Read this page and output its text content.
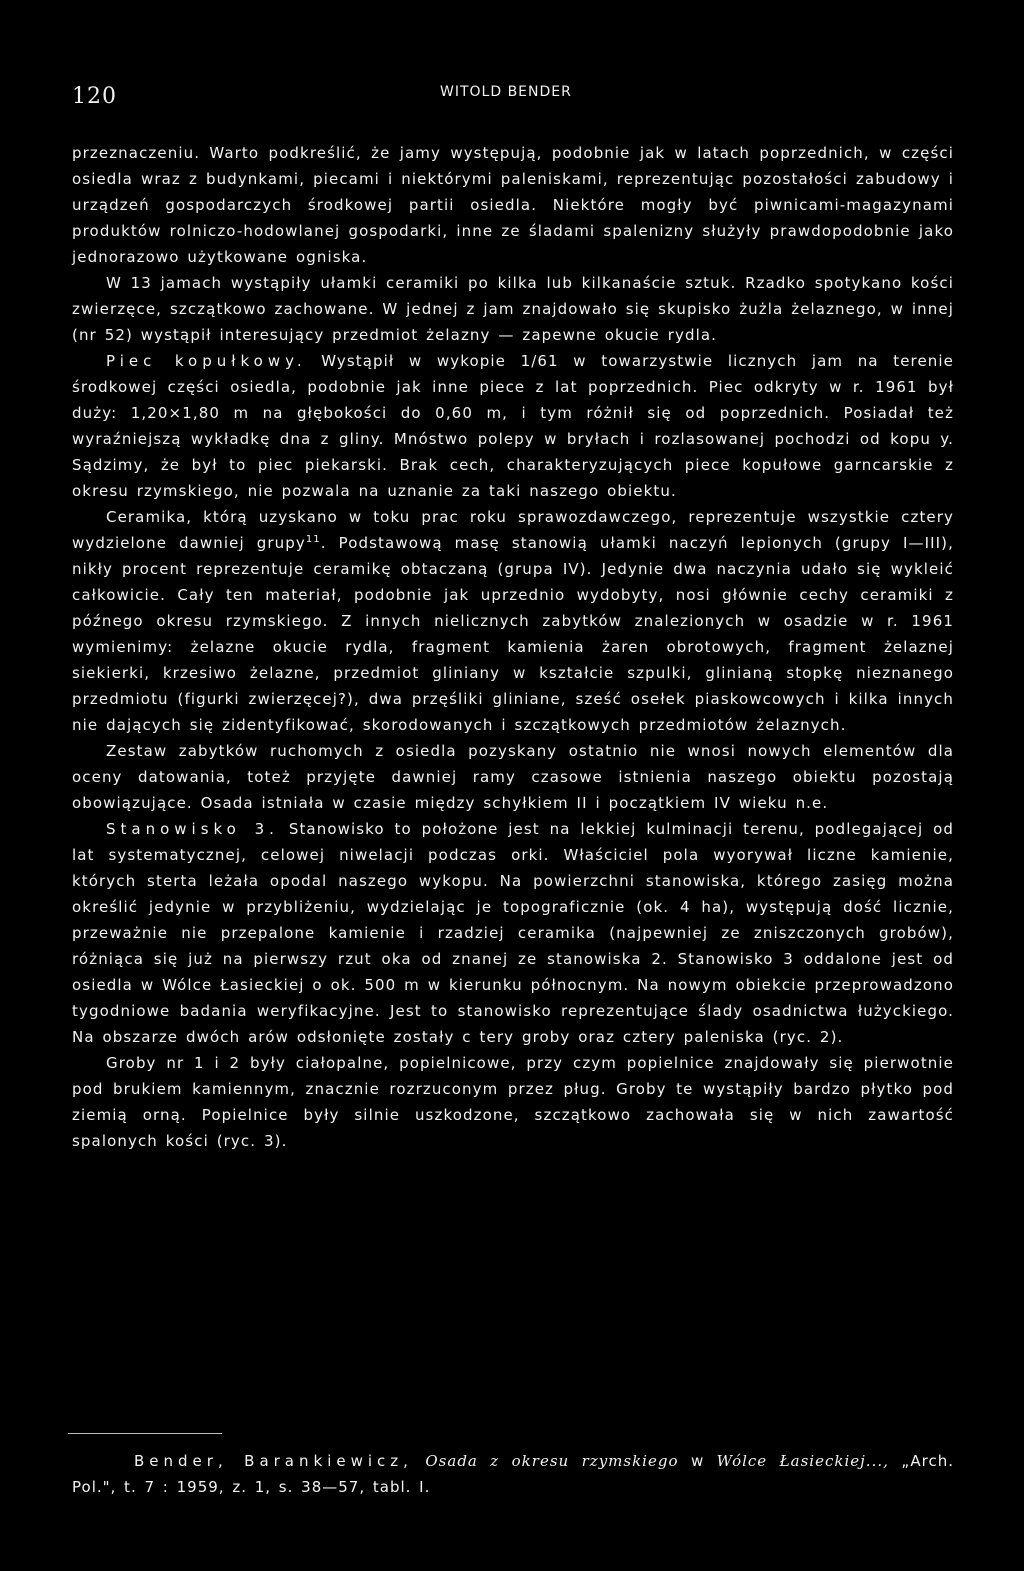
120	WITOLD BENDER

przeznaczeniu. Warto podkreślić, że jamy występują, podobnie jak w latach poprzednich, w części osiedla wraz z budynkami, piecami i niektórymi paleniskami, reprezentując pozostałości zabudowy i urządzeń gospodarczych środkowej partii osiedla. Niektóre mogły być piwnicami-magazynami produktów rolniczo-hodowlanej gospodarki, inne ze śladami spalenizny służyły prawdopodobnie jako jednorazowo użytkowane ogniska.

W 13 jamach wystąpiły ułamki ceramiki po kilka lub kilkanaście sztuk. Rzadko spotykano kości zwierzęce, szczątkowo zachowane. W jednej z jam znajdowało się skupisko żużla żelaznego, w innej (nr 52) wystąpił interesujący przedmiot żelazny — zapewne okucie rydla.

Piec kopułkowy. Wystąpił w wykopie 1/61 w towarzystwie licznych jam na terenie środkowej części osiedla, podobnie jak inne piece z lat poprzednich. Piec odkryty w r. 1961 był duży: 1,20×1,80 m na głębokości do 0,60 m, i tym różnił się od poprzednich. Posiadał też wyraźniejszą wykładkę dna z gliny. Mnóstwo polepy w bryłach i rozlasowanej pochodzi od kopu y. Sądzimy, że był to piec piekarski. Brak cech, charakteryzujących piece kopułowe garncarskie z okresu rzymskiego, nie pozwala na uznanie za taki naszego obiektu.

Ceramika, którą uzyskano w toku prac roku sprawozdawczego, reprezentuje wszystkie cztery wydzielone dawniej grupy$^{11}$. Podstawową masę stanowią ułamki naczyń lepionych (grupy I—III), nikły procent reprezentuje ceramikę obtaczaną (grupa IV). Jedynie dwa naczynia udało się wykleić całkowicie. Cały ten materiał, podobnie jak uprzednio wydobyty, nosi głównie cechy ceramiki z późnego okresu rzymskiego. Z innych nielicznych zabytków znalezionych w osadzie w r. 1961 wymienimy: żelazne okucie rydla, fragment kamienia żaren obrotowych, fragment żelaznej siekierki, krzesiwo żelazne, przedmiot gliniany w kształcie szpulki, glinianą stopkę nieznanego przedmiotu (figurki zwierzęcej?), dwa przęśliki gliniane, sześć osełek piaskowcowych i kilka innych nie dających się zidentyfikować, skorodowanych i szczątkowych przedmiotów żelaznych.

Zestaw zabytków ruchomych z osiedla pozyskany ostatnio nie wnosi nowych elementów dla oceny datowania, toteż przyjęte dawniej ramy czasowe istnienia naszego obiektu pozostają obowiązujące. Osada istniała w czasie między schyłkiem II i początkiem IV wieku n.e.

Stanowisko 3. Stanowisko to położone jest na lekkiej kulminacji terenu, podlegającej od lat systematycznej, celowej niwelacji podczas orki. Właściciel pola wyorywał liczne kamienie, których sterta leżała opodal naszego wykopu. Na powierzchni stanowiska, którego zasięg można określić jedynie w przybliżeniu, wydzielając je topograficznie (ok. 4 ha), występują dość licznie, przeważnie nie przepalone kamienie i rzadziej ceramika (najpewniej ze zniszczonych grobów), różniąca się już na pierwszy rzut oka od znanej ze stanowiska 2. Stanowisko 3 oddalone jest od osiedla w Wólce Łasieckiej o ok. 500 m w kierunku północnym. Na nowym obiekcie przeprowadzono tygodniowe badania weryfikacyjne. Jest to stanowisko reprezentujące ślady osadnictwa łużyckiego. Na obszarze dwóch arów odsłonięte zostały c tery groby oraz cztery paleniska (ryc. 2).

Groby nr 1 i 2 były ciałopalne, popielnicowe, przy czym popielnice znajdowały się pierwotnie pod brukiem kamiennym, znacznie rozrzuconym przez pług. Groby te wystąpiły bardzo płytko pod ziemią orną. Popielnice były silnie uszkodzone, szczątkowo zachowała się w nich zawartość spalonych kości (ryc. 3).

Bender, Barankiewicz, Osada z okresu rzymskiego w Wólce Łasieckiej..., „Arch. Pol.", t. 7 : 1959, z. 1, s. 38—57, tabl. I.
